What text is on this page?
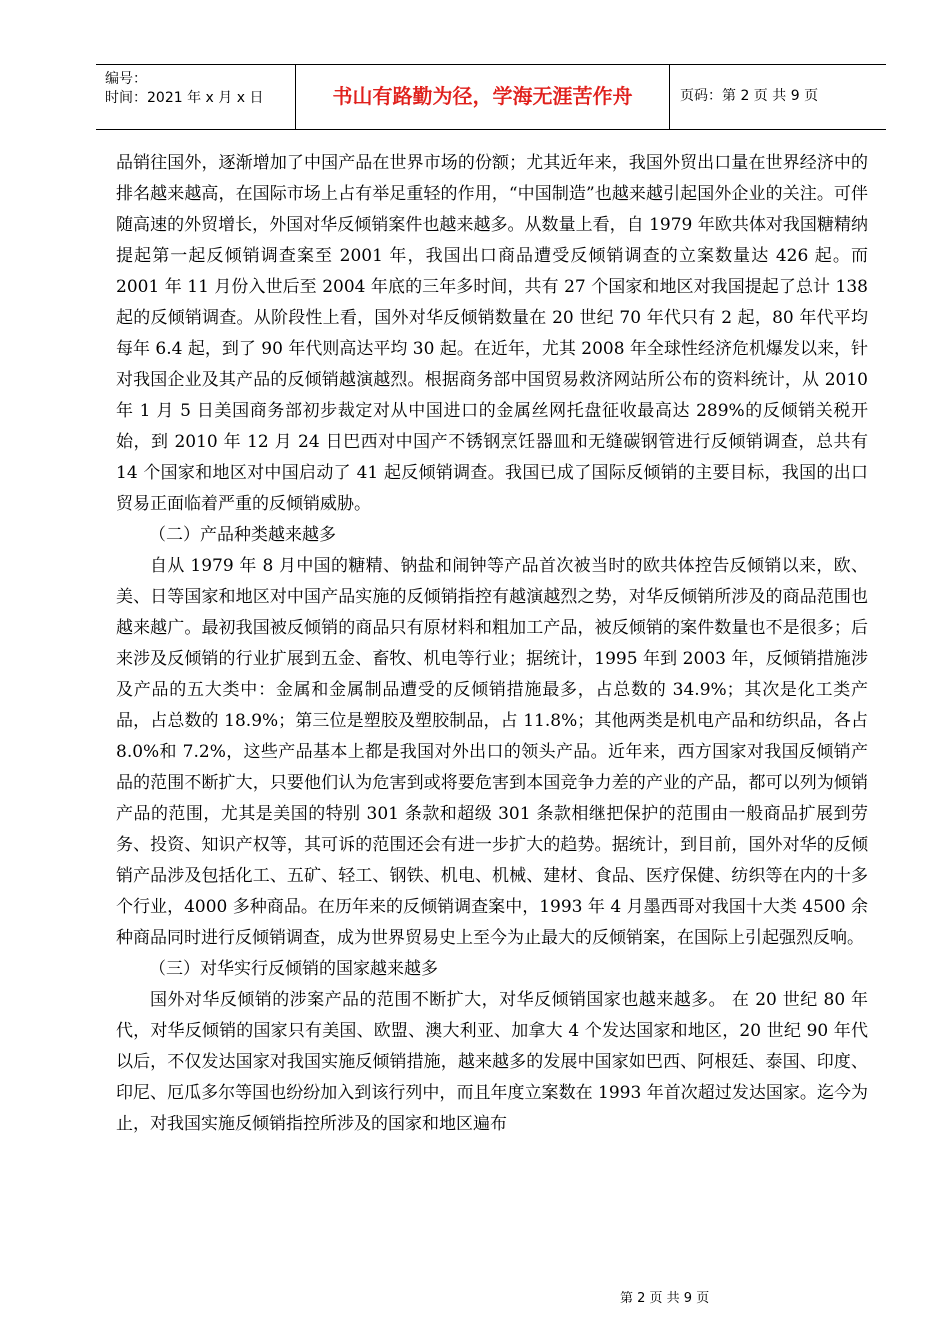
编号：
时间：2021 年 x 月 x 日	书山有路勤为径，学海无涯苦作舟	页码：第 2 页 共 9 页

品销往国外，逐渐增加了中国产品在世界市场的份额；尤其近年来，我国外贸出口量在世界经济中的排名越来越高，在国际市场上占有举足重轻的作用，“中国制造”也越来越引起国外企业的关注。可伴随高速的外贸增长，外国对华反倾销案件也越来越多。从数量上看，自 1979 年欧共体对我国糖精纳提起第一起反倾销调查案至 2001 年，我国出口商品遭受反倾销调查的立案数量达 426 起。而 2001 年 11 月份入世后至 2004 年底的三年多时间，共有 27 个国家和地区对我国提起了总计 138 起的反倾销调查。从阶段性上看，国外对华反倾销数量在 20 世纪 70 年代只有 2 起，80 年代平均每年 6.4 起，到了 90 年代则高达平均 30 起。在近年，尤其 2008 年全球性经济危机爆发以来，针对我国企业及其产品的反倾销越演越烈。根据商务部中国贸易救济网站所公布的资料统计，从 2010 年 1 月 5 日美国商务部初步裁定对从中国进口的金属丝网托盘征收最高达 289%的反倾销关税开始，到 2010 年 12 月 24 日巴西对中国产不锈钢烹饪器皿和无缝碳钢管进行反倾销调查，总共有 14 个国家和地区对中国启动了 41 起反倾销调查。我国已成了国际反倾销的主要目标，我国的出口贸易正面临着严重的反倾销威胁。

（二）产品种类越来越多

自从 1979 年 8 月中国的糖精、钠盐和闹钟等产品首次被当时的欧共体控告反倾销以来，欧、美、日等国家和地区对中国产品实施的反倾销指控有越演越烈之势，对华反倾销所涉及的商品范围也越来越广。最初我国被反倾销的商品只有原材料和粗加工产品，被反倾销的案件数量也不是很多；后来涉及反倾销的行业扩展到五金、畜牧、机电等行业；据统计，1995 年到 2003 年，反倾销措施涉及产品的五大类中：金属和金属制品遭受的反倾销措施最多，占总数的 34.9%；其次是化工类产品，占总数的 18.9%；第三位是塑胶及塑胶制品，占 11.8%；其他两类是机电产品和纺织品，各占 8.0%和 7.2%，这些产品基本上都是我国对外出口的领头产品。近年来，西方国家对我国反倾销产品的范围不断扩大，只要他们认为危害到或将要危害到本国竞争力差的产业的产品，都可以列为倾销产品的范围，尤其是美国的特别 301 条款和超级 301 条款相继把保护的范围由一般商品扩展到劳务、投资、知识产权等，其可诉的范围还会有进一步扩大的趋势。据统计，到目前，国外对华的反倾销产品涉及包括化工、五矿、轻工、钢铁、机电、机械、建材、食品、医疗保健、纺织等在内的十多个行业，4000 多种商品。在历年来的反倾销调查案中，1993 年 4 月墨西哥对我国十大类 4500 余种商品同时进行反倾销调查，成为世界贸易史上至今为止最大的反倾销案，在国际上引起强烈反响。

（三）对华实行反倾销的国家越来越多

国外对华反倾销的涉案产品的范围不断扩大，对华反倾销国家也越来越多。 在 20 世纪 80 年代，对华反倾销的国家只有美国、欧盟、澳大利亚、加拿大 4 个发达国家和地区，20 世纪 90 年代以后，不仅发达国家对我国实施反倾销措施，越来越多的发展中国家如巴西、阿根廷、泰国、印度、印尼、厄瓜多尔等国也纷纷加入到该行列中，而且年度立案数在 1993 年首次超过发达国家。迄今为止，对我国实施反倾销指控所涉及的国家和地区遍布

第 2 页 共 9 页
